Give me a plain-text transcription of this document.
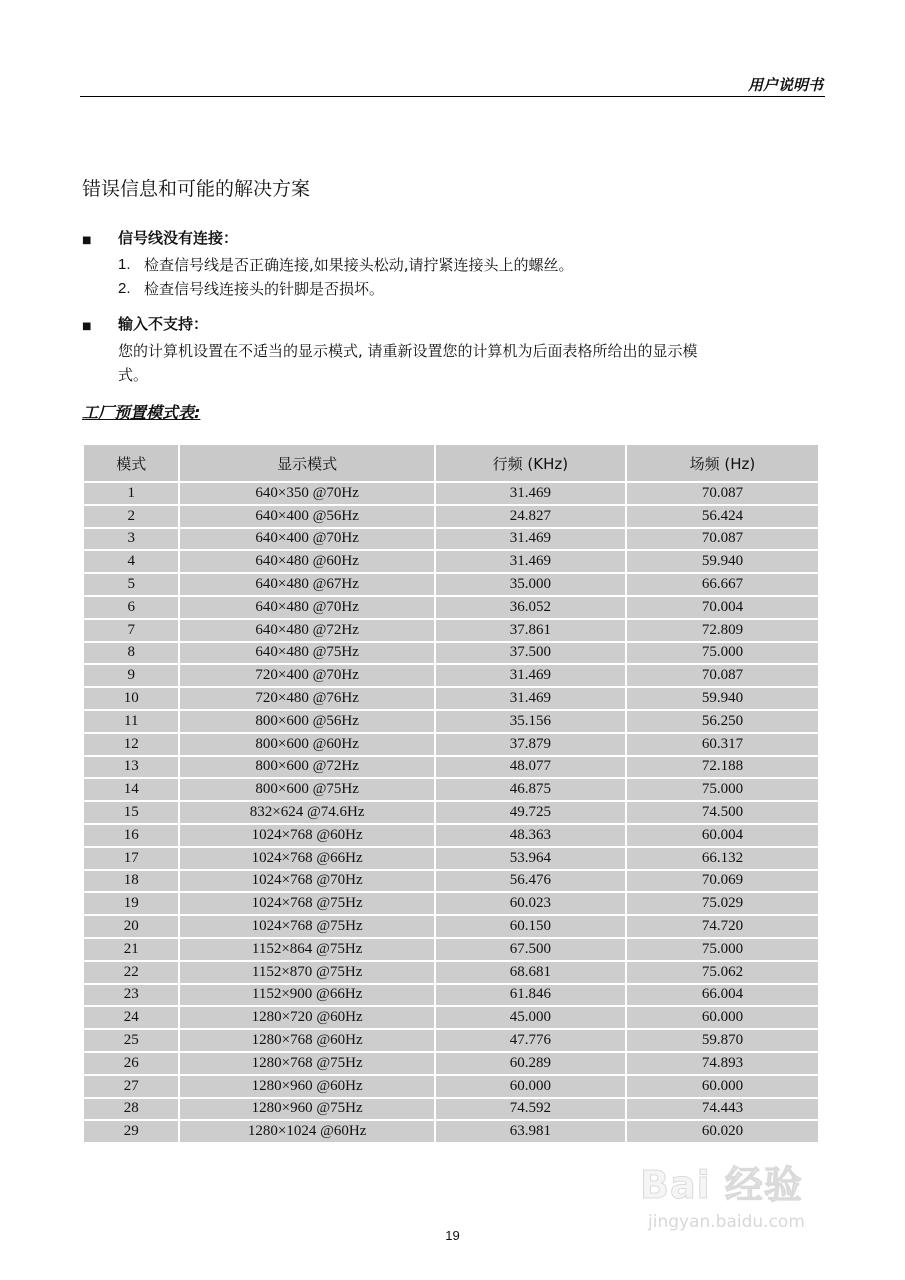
用户说明书
错误信息和可能的解决方案
■	信号线没有连接：
1. 检查信号线是否正确连接,如果接头松动,请拧紧连接头上的螺丝。
2. 检查信号线连接头的针脚是否损坏。
■	输入不支持：
您的计算机设置在不适当的显示模式, 请重新设置您的计算机为后面表格所给出的显示模
式。
工厂预置模式表:
模式	显示模式	行频 (KHz)	场频 (Hz)
1	640×350 @70Hz	31.469	70.087
2	640×400 @56Hz	24.827	56.424
3	640×400 @70Hz	31.469	70.087
4	640×480 @60Hz	31.469	59.940
5	640×480 @67Hz	35.000	66.667
6	640×480 @70Hz	36.052	70.004
7	640×480 @72Hz	37.861	72.809
8	640×480 @75Hz	37.500	75.000
9	720×400 @70Hz	31.469	70.087
10	720×480 @76Hz	31.469	59.940
11	800×600 @56Hz	35.156	56.250
12	800×600 @60Hz	37.879	60.317
13	800×600 @72Hz	48.077	72.188
14	800×600 @75Hz	46.875	75.000
15	832×624 @74.6Hz	49.725	74.500
16	1024×768 @60Hz	48.363	60.004
17	1024×768 @66Hz	53.964	66.132
18	1024×768 @70Hz	56.476	70.069
19	1024×768 @75Hz	60.023	75.029
20	1024×768 @75Hz	60.150	74.720
21	1152×864 @75Hz	67.500	75.000
22	1152×870 @75Hz	68.681	75.062
23	1152×900 @66Hz	61.846	66.004
24	1280×720 @60Hz	45.000	60.000
25	1280×768 @60Hz	47.776	59.870
26	1280×768 @75Hz	60.289	74.893
27	1280×960 @60Hz	60.000	60.000
28	1280×960 @75Hz	74.592	74.443
29	1280×1024 @60Hz	63.981	60.020
Bai 经验
jingyan.baidu.com
19
